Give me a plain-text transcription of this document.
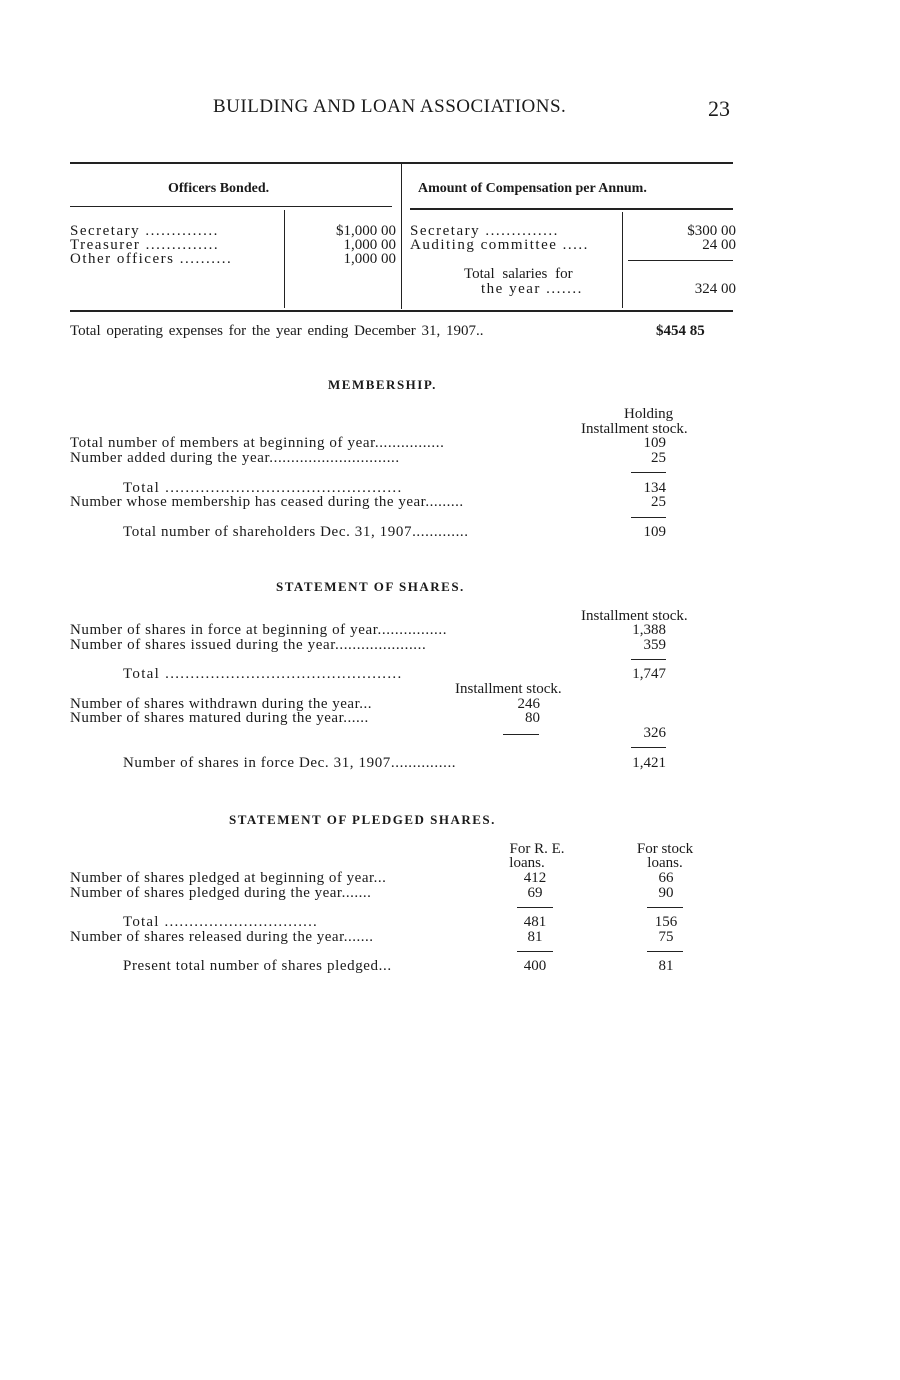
BUILDING AND LOAN ASSOCIATIONS.	23
Officers Bonded.	Amount of Compensation per Annum.
Secretary ..............	$1,000 00
Treasurer ..............	1,000 00
Other officers ..........	1,000 00
Secretary ..............	$300 00
Auditing committee .....	24 00
Total salaries for
the year .......	324 00
Total operating expenses for the year ending December 31, 1907..	$454 85
MEMBERSHIP.
Holding
Installment stock.
Total number of members at beginning of year................	109
Number added during the year..............................	25
Total ...............................................	134
Number whose membership has ceased during the year.........	25
Total number of shareholders Dec. 31, 1907.............	109
STATEMENT OF SHARES.
Installment stock.
Number of shares in force at beginning of year................	1,388
Number of shares issued during the year.....................	359
Total ...............................................	1,747
Installment stock.
Number of shares withdrawn during the year...	246
Number of shares matured during the year......	80
326
Number of shares in force Dec. 31, 1907...............	1,421
STATEMENT OF PLEDGED SHARES.
For R. E.
loans.
For stock
loans.
Number of shares pledged at beginning of year...	412	66
Number of shares pledged during the year.......	69	90
Total ...............................	481	156
Number of shares released during the year.......	81	75
Present total number of shares pledged...	400	81
